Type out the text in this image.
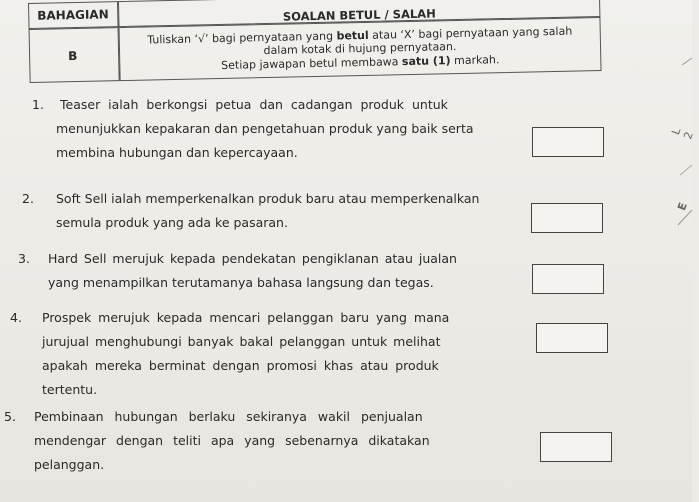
BAHAGIAN	SOALAN BETUL / SALAH
B
Tuliskan ‘√’ bagi pernyataan yang betul atau ‘X’ bagi pernyataan yang salah
dalam kotak di hujung pernyataan.
Setiap jawapan betul membawa satu (1) markah.
1. Teaser ialah berkongsi petua dan cadangan produk untuk
menunjukkan kepakaran dan pengetahuan produk yang baik serta
membina hubungan dan kepercayaan.
2. Soft Sell ialah memperkenalkan produk baru atau memperkenalkan
semula produk yang ada ke pasaran.
3. Hard Sell merujuk kepada pendekatan pengiklanan atau jualan
yang menampilkan terutamanya bahasa langsung dan tegas.
4. Prospek merujuk kepada mencari pelanggan baru yang mana
jurujual menghubungi banyak bakal pelanggan untuk melihat
apakah mereka berminat dengan promosi khas atau produk
tertentu.
5. Pembinaan hubungan berlaku sekiranya wakil penjualan
mendengar dengan teliti apa yang sebenarnya dikatakan
pelanggan.
L 2
E
